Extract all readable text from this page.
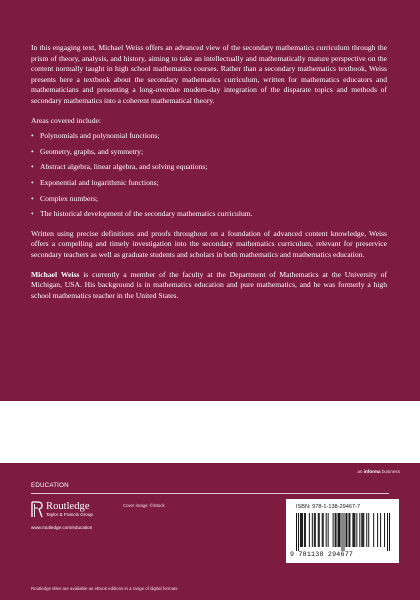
In this engaging text, Michael Weiss offers an advanced view of the secondary mathematics curriculum through the prism of theory, analysis, and history, aiming to take an intellectually and mathematically mature perspective on the content normally taught in high school mathematics courses. Rather than a secondary mathematics textbook, Weiss presents here a textbook about the secondary mathematics curriculum, written for mathematics educators and mathematicians and presenting a long-overdue modern-day integration of the disparate topics and methods of secondary mathematics into a coherent mathematical theory.

Areas covered include:

• Polynomials and polynomial functions;
• Geometry, graphs, and symmetry;
• Abstract algebra, linear algebra, and solving equations;
• Exponential and logarithmic functions;
• Complex numbers;
• The historical development of the secondary mathematics curriculum.

Written using precise definitions and proofs throughout on a foundation of advanced content knowledge, Weiss offers a compelling and timely investigation into the secondary mathematics curriculum, relevant for preservice secondary teachers as well as graduate students and scholars in both mathematics and mathematics education.

Michael Weiss is currently a member of the faculty at the Department of Mathematics at the University of Michigan, USA. His background is in mathematics education and pure mathematics, and he was formerly a high school mathematics teacher in the United States.

an informa business
EDUCATION
Routledge
Taylor & Francis Group
Cover image: ©iStock
www.routledge.com/education
ISBN: 978-1-138-29467-7
9 781138 294677
Routledge titles are available as eBook editions in a range of digital formats
